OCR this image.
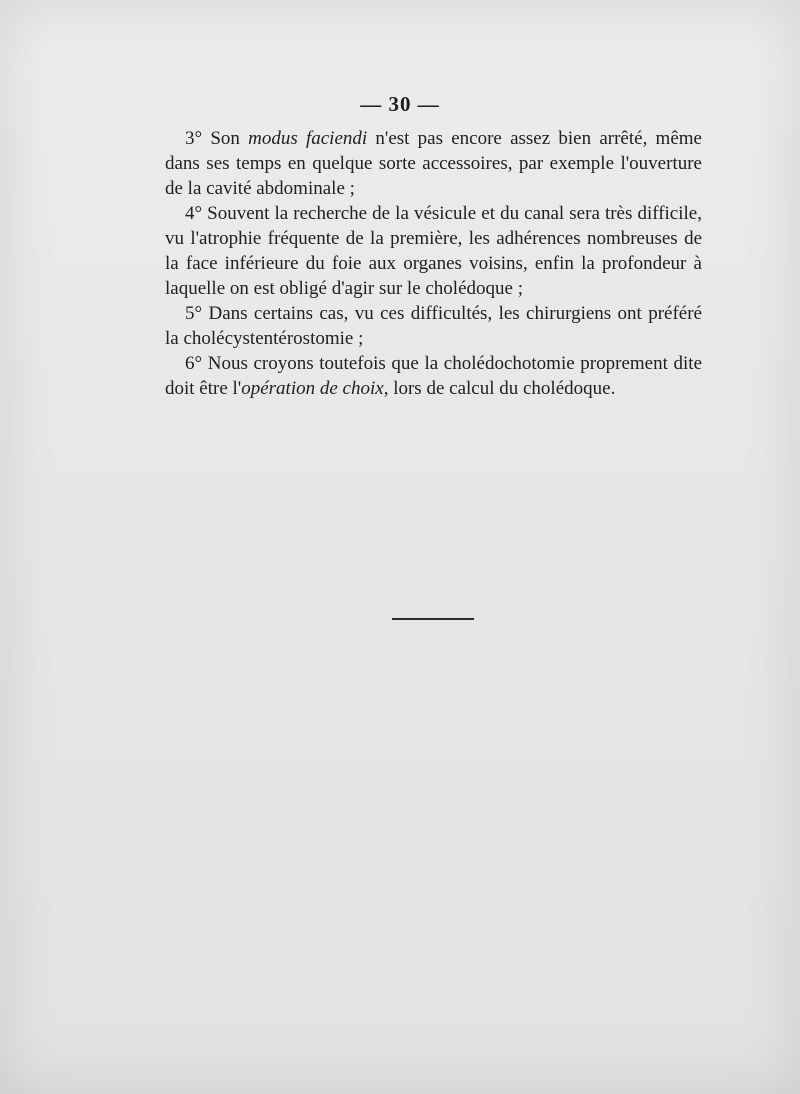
— 30 —

3° Son modus faciendi n'est pas encore assez bien arrêté, même dans ses temps en quelque sorte accessoires, par exemple l'ouverture de la cavité abdominale ;

4° Souvent la recherche de la vésicule et du canal sera très difficile, vu l'atrophie fréquente de la première, les adhérences nombreuses de la face inférieure du foie aux organes voisins, enfin la profondeur à laquelle on est obligé d'agir sur le cholédoque ;

5° Dans certains cas, vu ces difficultés, les chirurgiens ont préféré la cholécystentérostomie ;

6° Nous croyons toutefois que la cholédochotomie proprement dite doit être l'opération de choix, lors de calcul du cholédoque.
